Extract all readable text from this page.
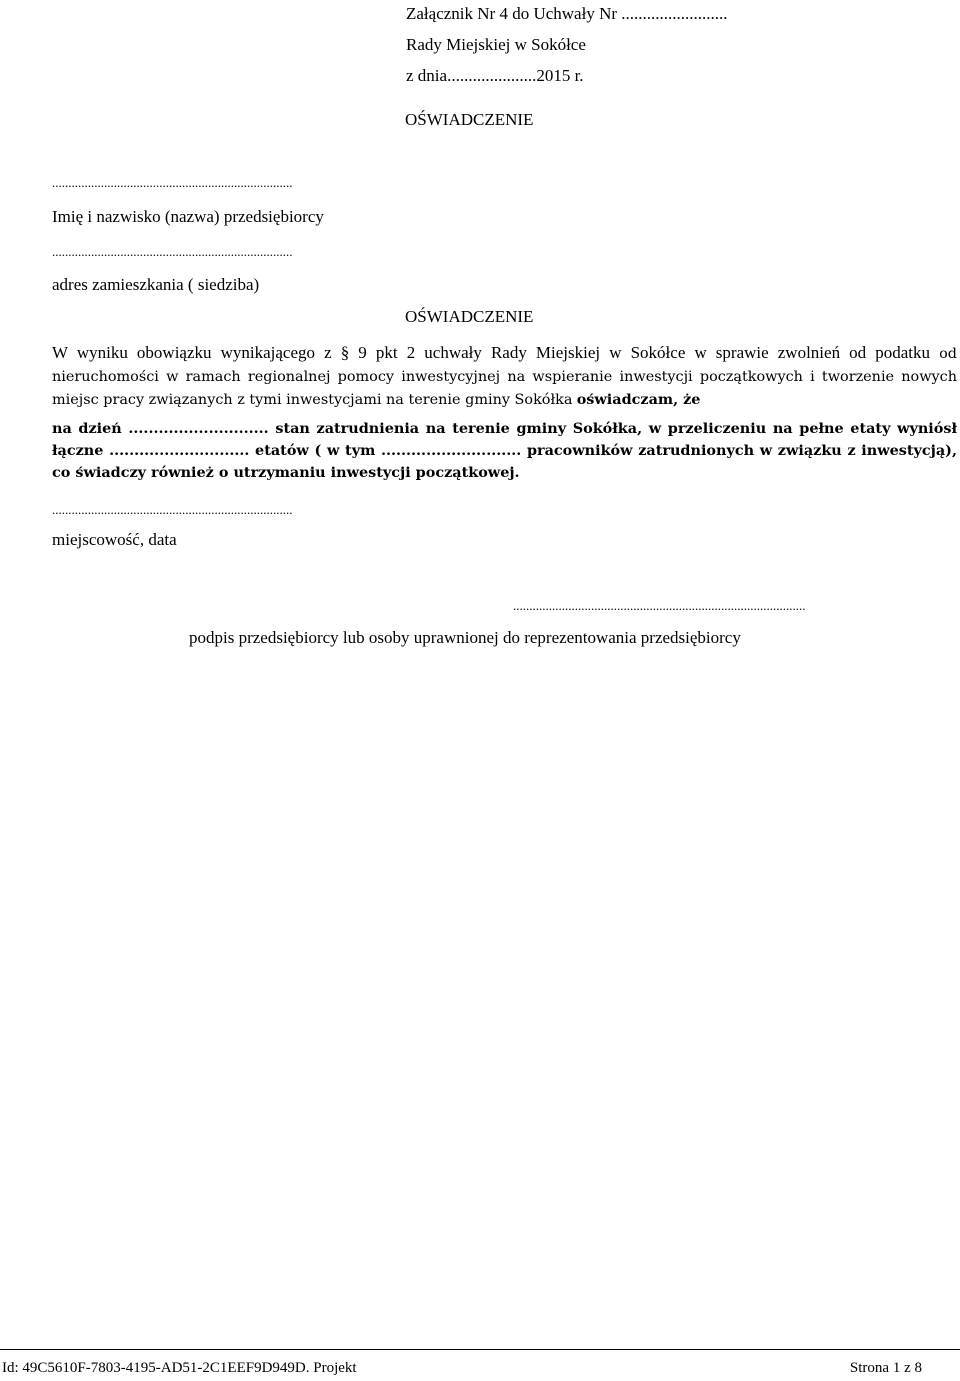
Załącznik Nr 4 do Uchwały Nr .........................
Rady Miejskiej w Sokółce
z dnia.....................2015 r.
OŚWIADCZENIE
..........................................................................
Imię i nazwisko (nazwa) przedsiębiorcy
..........................................................................
adres zamieszkania ( siedziba)
OŚWIADCZENIE
W wyniku obowiązku wynikającego z § 9 pkt 2 uchwały Rady Miejskiej w Sokółce w sprawie zwolnień od podatku od nieruchomości w ramach regionalnej pomocy inwestycyjnej na wspieranie inwestycji początkowych i tworzenie nowych miejsc pracy związanych z tymi inwestycjami na terenie gminy Sokółka oświadczam, że
na dzień ............................ stan zatrudnienia na terenie gminy Sokółka, w przeliczeniu na pełne etaty wyniósł łączne ............................ etatów ( w tym ............................ pracowników zatrudnionych w związku z inwestycją), co świadczy również o utrzymaniu inwestycji początkowej.
..........................................................................
miejscowość, data
..........................................................................................
podpis przedsiębiorcy lub osoby uprawnionej do reprezentowania przedsiębiorcy
Id: 49C5610F-7803-4195-AD51-2C1EEF9D949D. Projekt	Strona 1 z 8
